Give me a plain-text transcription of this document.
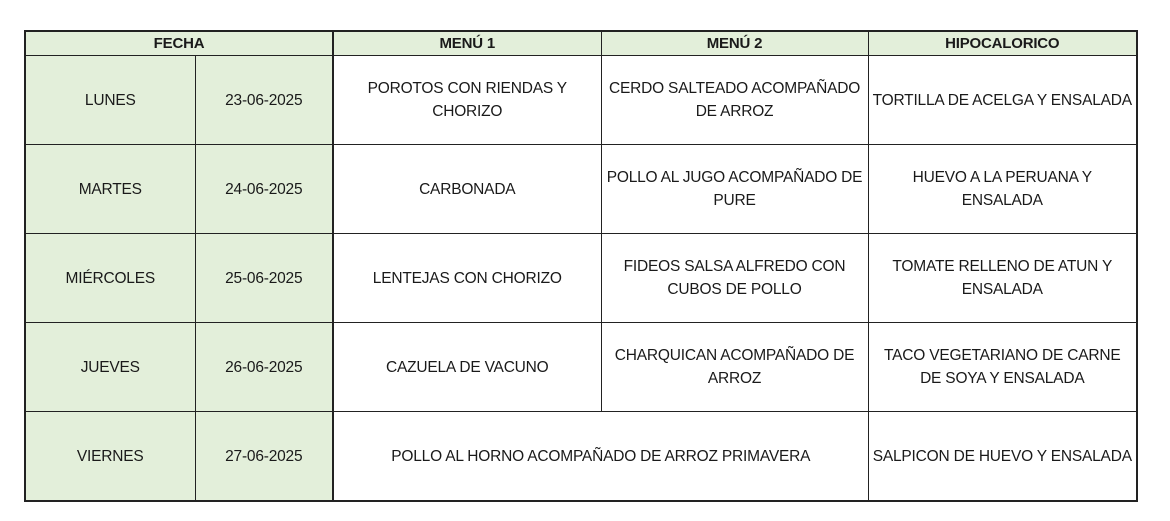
FECHA		MENÚ 1	MENÚ 2	HIPOCALORICO
LUNES	23-06-2025	POROTOS CON RIENDAS Y CHORIZO	CERDO SALTEADO ACOMPAÑADO DE ARROZ	TORTILLA DE ACELGA Y ENSALADA
MARTES	24-06-2025	CARBONADA	POLLO AL JUGO ACOMPAÑADO DE PURE	HUEVO A LA PERUANA Y ENSALADA
MIÉRCOLES	25-06-2025	LENTEJAS CON CHORIZO	FIDEOS SALSA ALFREDO CON CUBOS DE POLLO	TOMATE RELLENO DE ATUN Y ENSALADA
JUEVES	26-06-2025	CAZUELA DE VACUNO	CHARQUICAN ACOMPAÑADO DE ARROZ	TACO VEGETARIANO DE CARNE DE SOYA Y ENSALADA
VIERNES	27-06-2025	POLLO AL HORNO ACOMPAÑADO DE ARROZ PRIMAVERA		SALPICON DE HUEVO Y ENSALADA
